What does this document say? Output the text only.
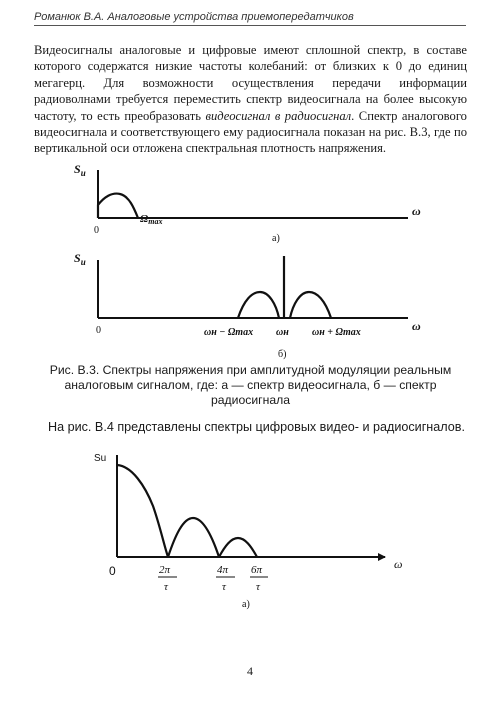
Романюк В.А. Аналоговые устройства приемопередатчиков

Видеосигналы аналоговые и цифровые имеют сплошной спектр, в составе которого содержатся низкие частоты колебаний: от близких к 0 до единиц мегагерц. Для возможности осуществления передачи информации радиоволнами требуется переместить спектр видеосигнала на более высокую частоту, то есть преобразовать видеосигнал в радиосигнал. Спектр аналогового видеосигнала и соответствующего ему радиосигнала показан на рис. В.3, где по вертикальной оси отложена спектральная плотность напряжения.

$S_u$
ω
0
Ωmax
а)
$S_u$
ω
0	ωн − Ωmax ωн ωн + Ωmax
б)
Su
ω
0	2π
τ
4π
τ
6π
τ
а)

Рис. В.3. Спектры напряжения при амплитудной модуляции реальным аналоговым сигналом, где: а — спектр видеосигнала, б — спектр радиосигнала

На рис. В.4 представлены спектры цифровых видео- и радиосигналов.

4
